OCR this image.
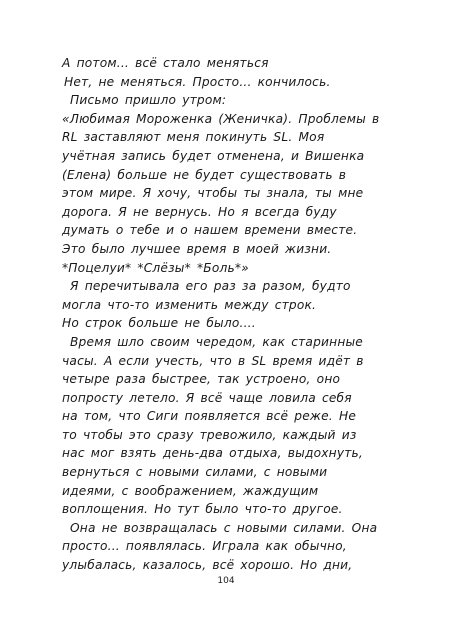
А потом... всё стало меняться
Нет, не меняться. Просто... кончилось.
Письмо пришло утром:
«Любимая Мороженка (Женичка). Проблемы в
RL заставляют меня покинуть SL. Моя
учётная запись будет отменена, и Вишенка
(Елена) больше не будет существовать в
этом мире. Я хочу, чтобы ты знала, ты мне
дорога. Я не вернусь. Но я всегда буду
думать о тебе и о нашем времени вместе.
Это было лучшее время в моей жизни.
*Поцелуи* *Слёзы* *Боль*»
Я перечитывала его раз за разом, будто
могла что-то изменить между строк.
Но строк больше не было....
Время шло своим чередом, как старинные
часы. А если учесть, что в SL время идёт в
четыре раза быстрее, так устроено, оно
попросту летело. Я всё чаще ловила себя
на том, что Сиги появляется всё реже. Не
то чтобы это сразу тревожило, каждый из
нас мог взять день-два отдыха, выдохнуть,
вернуться с новыми силами, с новыми
идеями, с воображением, жаждущим
воплощения. Но тут было что-то другое.
Она не возвращалась с новыми силами. Она
просто... появлялась. Играла как обычно,
улыбалась, казалось, всё хорошо. Но дни,
104
